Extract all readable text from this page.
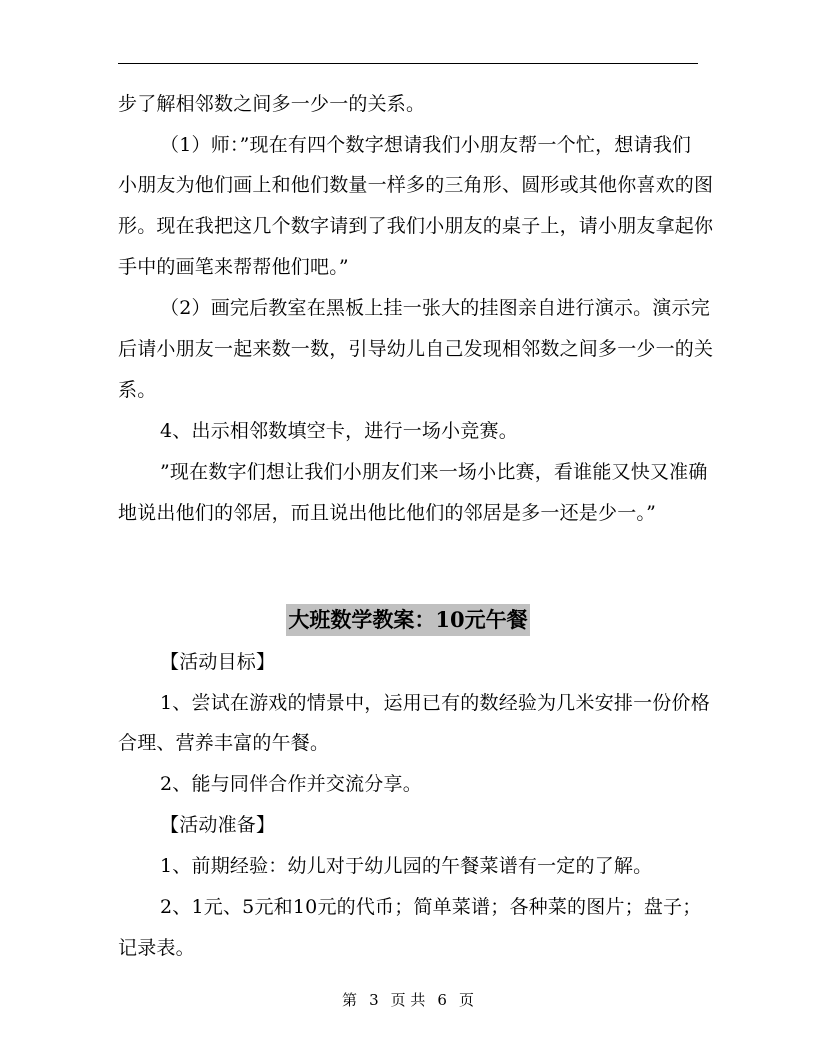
步了解相邻数之间多一少一的关系。
（1）师：”现在有四个数字想请我们小朋友帮一个忙，想请我们
小朋友为他们画上和他们数量一样多的三角形、圆形或其他你喜欢的图
形。现在我把这几个数字请到了我们小朋友的桌子上，请小朋友拿起你
手中的画笔来帮帮他们吧。”
（2）画完后教室在黑板上挂一张大的挂图亲自进行演示。演示完
后请小朋友一起来数一数，引导幼儿自己发现相邻数之间多一少一的关
系。
4、出示相邻数填空卡，进行一场小竞赛。
”现在数字们想让我们小朋友们来一场小比赛，看谁能又快又准确
地说出他们的邻居，而且说出他比他们的邻居是多一还是少一。”
大班数学教案：10元午餐
【活动目标】
1、尝试在游戏的情景中，运用已有的数经验为几米安排一份价格
合理、营养丰富的午餐。
2、能与同伴合作并交流分享。
【活动准备】
1、前期经验：幼儿对于幼儿园的午餐菜谱有一定的了解。
2、1元、5元和10元的代币；简单菜谱；各种菜的图片；盘子；
记录表。
第 3 页 共 6 页
